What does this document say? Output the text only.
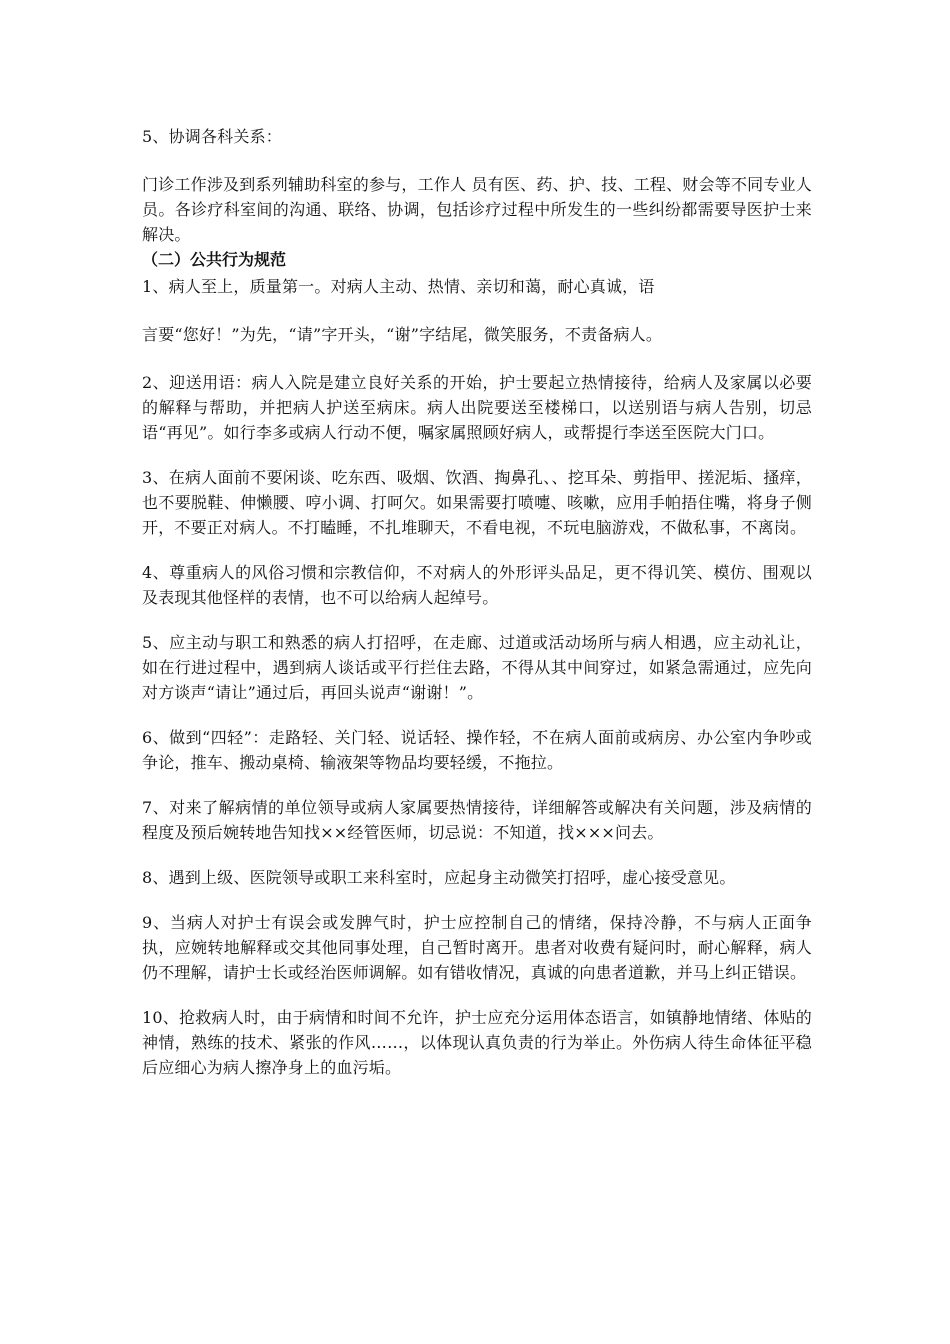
5、协调各科关系：

门诊工作涉及到系列辅助科室的参与，工作人 员有医、药、护、技、工程、财会等不同专业人员。各诊疗科室间的沟通、联络、协调，包括诊疗过程中所发生的一些纠纷都需要导医护士来解决。

（二）公共行为规范

1、病人至上，质量第一。对病人主动、热情、亲切和蔼，耐心真诚，语

言要“您好！”为先，“请”字开头，“谢”字结尾，微笑服务，不责备病人。

2、迎送用语：病人入院是建立良好关系的开始，护士要起立热情接待，给病人及家属以必要的解释与帮助，并把病人护送至病床。病人出院要送至楼梯口，以送别语与病人告别，切忌语“再见”。如行李多或病人行动不便，嘱家属照顾好病人，或帮提行李送至医院大门口。

3、在病人面前不要闲谈、吃东西、吸烟、饮酒、掏鼻孔、、挖耳朵、剪指甲、搓泥垢、搔痒，也不要脱鞋、伸懒腰、哼小调、打呵欠。如果需要打喷嚏、咳嗽，应用手帕捂住嘴，将身子侧开，不要正对病人。不打瞌睡，不扎堆聊天，不看电视，不玩电脑游戏，不做私事，不离岗。

4、尊重病人的风俗习惯和宗教信仰，不对病人的外形评头品足，更不得讥笑、模仿、围观以及表现其他怪样的表情，也不可以给病人起绰号。

5、应主动与职工和熟悉的病人打招呼，在走廊、过道或活动场所与病人相遇，应主动礼让，如在行进过程中，遇到病人谈话或平行拦住去路，不得从其中间穿过，如紧急需通过，应先向对方谈声“请让”通过后，再回头说声“谢谢！”。

6、做到“四轻”：走路轻、关门轻、说话轻、操作轻，不在病人面前或病房、办公室内争吵或争论，推车、搬动桌椅、输液架等物品均要轻缓，不拖拉。

7、对来了解病情的单位领导或病人家属要热情接待，详细解答或解决有关问题，涉及病情的程度及预后婉转地告知找××经管医师，切忌说：不知道，找×××问去。

8、遇到上级、医院领导或职工来科室时，应起身主动微笑打招呼，虚心接受意见。

9、当病人对护士有误会或发脾气时，护士应控制自己的情绪，保持冷静，不与病人正面争执，应婉转地解释或交其他同事处理，自己暂时离开。患者对收费有疑问时，耐心解释，病人仍不理解，请护士长或经治医师调解。如有错收情况，真诚的向患者道歉，并马上纠正错误。

10、抢救病人时，由于病情和时间不允许，护士应充分运用体态语言，如镇静地情绪、体贴的神情，熟练的技术、紧张的作风……，以体现认真负责的行为举止。外伤病人待生命体征平稳后应细心为病人擦净身上的血污垢。
